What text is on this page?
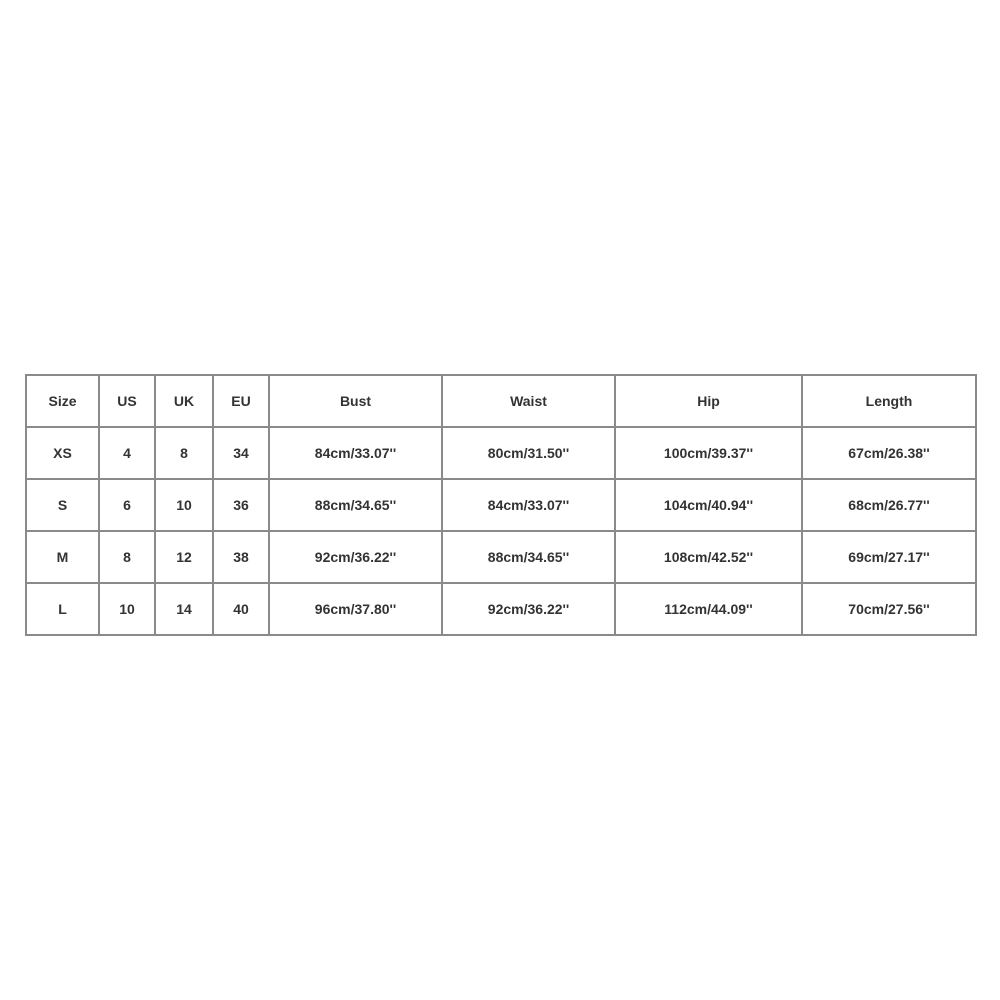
Size	US	UK	EU	Bust	Waist	Hip	Length
XS	4	8	34	84cm/33.07''	80cm/31.50''	100cm/39.37''	67cm/26.38''
S	6	10	36	88cm/34.65''	84cm/33.07''	104cm/40.94''	68cm/26.77''
M	8	12	38	92cm/36.22''	88cm/34.65''	108cm/42.52''	69cm/27.17''
L	10	14	40	96cm/37.80''	92cm/36.22''	112cm/44.09''	70cm/27.56''
